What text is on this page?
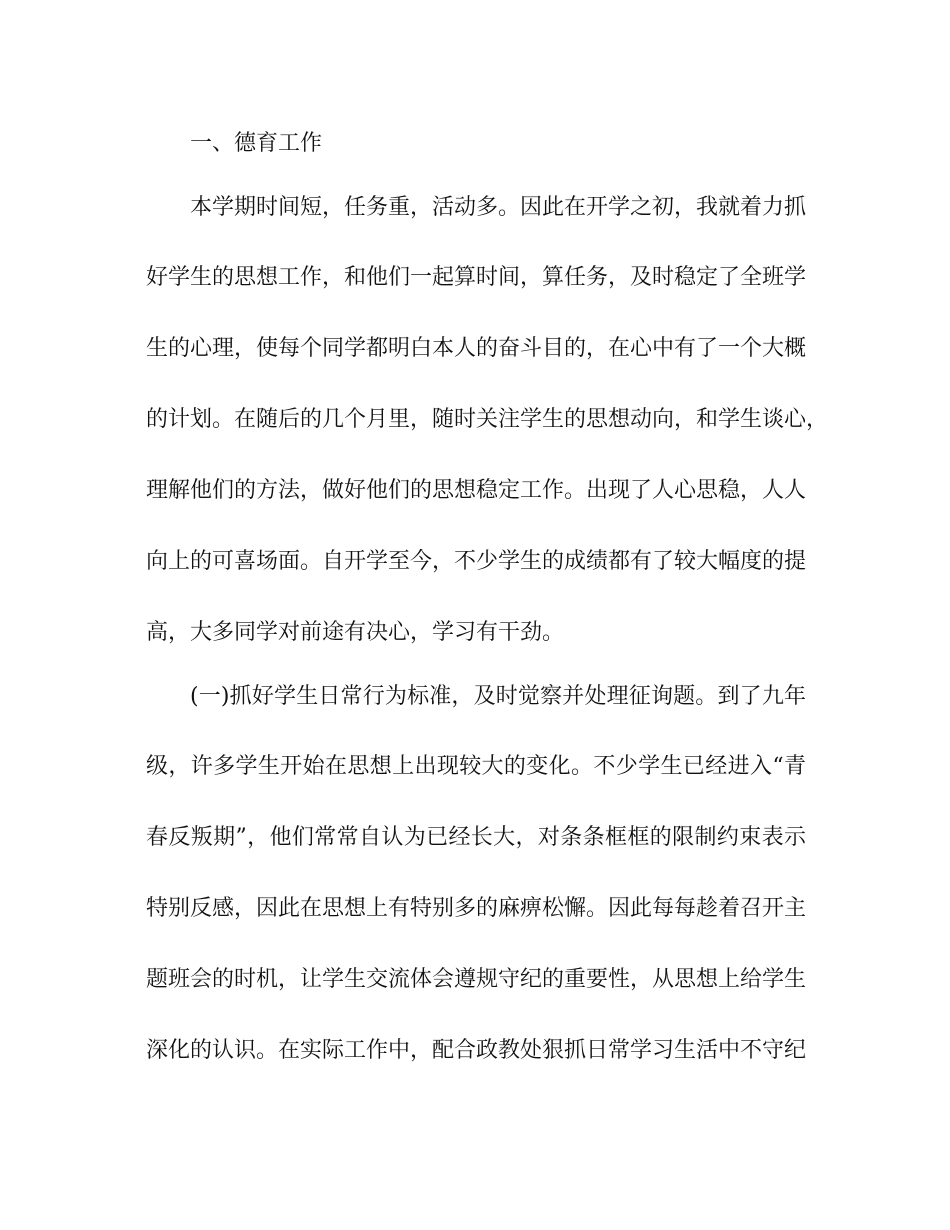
一、德育工作
本学期时间短，任务重，活动多。因此在开学之初，我就着力抓
好学生的思想工作，和他们一起算时间，算任务，及时稳定了全班学
生的心理，使每个同学都明白本人的奋斗目的，在心中有了一个大概
的计划。在随后的几个月里，随时关注学生的思想动向，和学生谈心，
理解他们的方法，做好他们的思想稳定工作。出现了人心思稳，人人
向上的可喜场面。自开学至今，不少学生的成绩都有了较大幅度的提
高，大多同学对前途有决心，学习有干劲。
(一)抓好学生日常行为标准，及时觉察并处理征询题。到了九年
级，许多学生开始在思想上出现较大的变化。不少学生已经进入“青
春反叛期”，他们常常自认为已经长大，对条条框框的限制约束表示
特别反感，因此在思想上有特别多的麻痹松懈。因此每每趁着召开主
题班会的时机，让学生交流体会遵规守纪的重要性，从思想上给学生
深化的认识。在实际工作中，配合政教处狠抓日常学习生活中不守纪
